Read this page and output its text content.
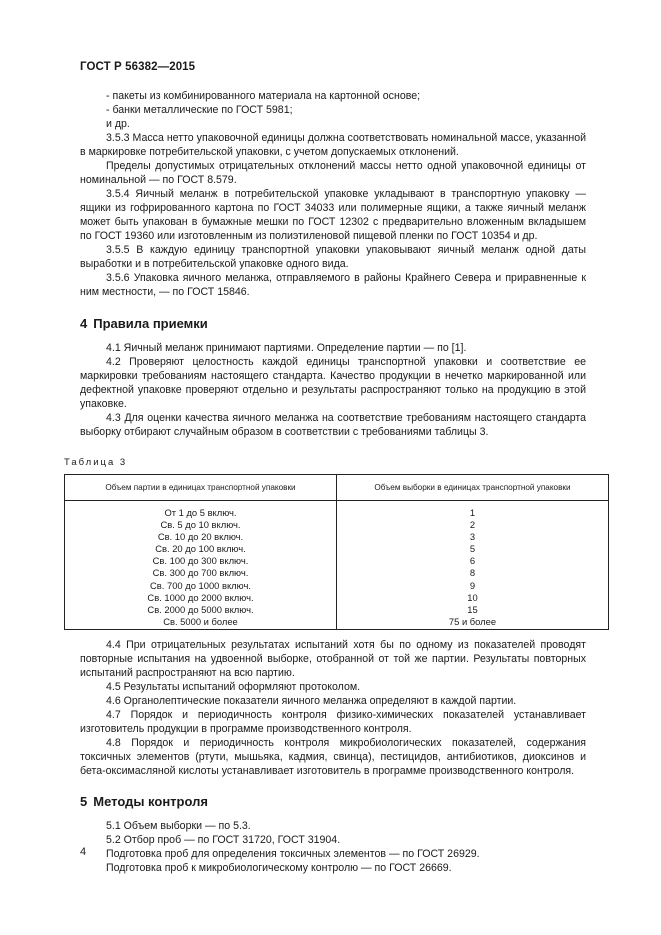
ГОСТ Р 56382—2015

- пакеты из комбинированного материала на картонной основе;

- банки металлические по ГОСТ 5981;

и др.

3.5.3 Масса нетто упаковочной единицы должна соответствовать номинальной массе, указанной в маркировке потребительской упаковки, с учетом допускаемых отклонений.

Пределы допустимых отрицательных отклонений массы нетто одной упаковочной единицы от номинальной — по ГОСТ 8.579.

3.5.4 Яичный меланж в потребительской упаковке укладывают в транспортную упаковку — ящики из гофрированного картона по ГОСТ 34033 или полимерные ящики, а также яичный меланж может быть упакован в бумажные мешки по ГОСТ 12302 с предварительно вложенным вкладышем по ГОСТ 19360 или изготовленным из полиэтиленовой пищевой пленки по ГОСТ 10354 и др.

3.5.5 В каждую единицу транспортной упаковки упаковывают яичный меланж одной даты выработки и в потребительской упаковке одного вида.

3.5.6 Упаковка яичного меланжа, отправляемого в районы Крайнего Севера и приравненные к ним местности, — по ГОСТ 15846.

4 Правила приемки

4.1 Яичный меланж принимают партиями. Определение партии — по [1].

4.2 Проверяют целостность каждой единицы транспортной упаковки и соответствие ее маркировки требованиям настоящего стандарта. Качество продукции в нечетко маркированной или дефектной упаковке проверяют отдельно и результаты распространяют только на продукцию в этой упаковке.

4.3 Для оценки качества яичного меланжа на соответствие требованиям настоящего стандарта выборку отбирают случайным образом в соответствии с требованиями таблицы 3.

Таблица 3
Объем партии в единицах транспортной упаковки	Объем выборки в единицах транспортной упаковки
От 1 до 5 включ.	1
Св. 5 до 10 включ.	2
Св. 10 до 20 включ.	3
Св. 20 до 100 включ.	5
Св. 100 до 300 включ.	6
Св. 300 до 700 включ.	8
Св. 700 до 1000 включ.	9
Св. 1000 до 2000 включ.	10
Св. 2000 до 5000 включ.	15
Св. 5000 и более	75 и более

4.4 При отрицательных результатах испытаний хотя бы по одному из показателей проводят повторные испытания на удвоенной выборке, отобранной от той же партии. Результаты повторных испытаний распространяют на всю партию.

4.5 Результаты испытаний оформляют протоколом.

4.6 Органолептические показатели яичного меланжа определяют в каждой партии.

4.7 Порядок и периодичность контроля физико-химических показателей устанавливает изготовитель продукции в программе производственного контроля.

4.8 Порядок и периодичность контроля микробиологических показателей, содержания токсичных элементов (ртути, мышьяка, кадмия, свинца), пестицидов, антибиотиков, диоксинов и бета-оксимасляной кислоты устанавливает изготовитель в программе производственного контроля.

5 Методы контроля

5.1 Объем выборки — по 5.3.

5.2 Отбор проб — по ГОСТ 31720, ГОСТ 31904.

Подготовка проб для определения токсичных элементов — по ГОСТ 26929.

Подготовка проб к микробиологическому контролю — по ГОСТ 26669.

4
